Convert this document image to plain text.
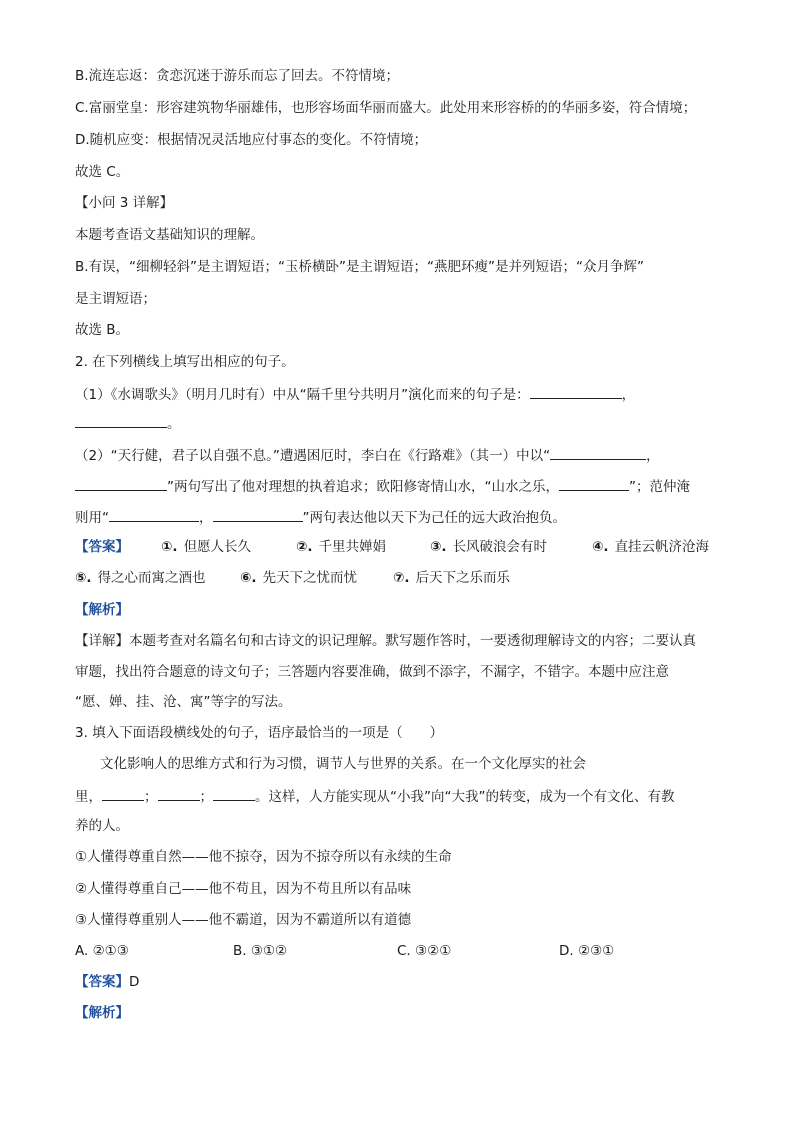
B.流连忘返：贪恋沉迷于游乐而忘了回去。不符情境；
C.富丽堂皇：形容建筑物华丽雄伟，也形容场面华丽而盛大。此处用来形容桥的的华丽多姿，符合情境；
D.随机应变：根据情况灵活地应付事态的变化。不符情境；
故选 C。
【小问 3 详解】
本题考查语文基础知识的理解。
B.有误，“细柳轻斜”是主谓短语；“玉桥横卧”是主谓短语；“燕肥环瘦”是并列短语；“众月争辉”
是主谓短语；
故选 B。
2. 在下列横线上填写出相应的句子。
（1）《水调歌头》（明月几时有）中从“隔千里兮共明月”演化而来的句子是：	，
。
（2）“天行健，君子以自强不息。”遭遇困厄时，李白在《行路难》（其一）中以“	，
”两句写出了他对理想的执着追求；欧阳修寄情山水，“山水之乐，	”；范仲淹
则用“	，	”两句表达他以天下为己任的远大政治抱负。
【答案】 ①. 但愿人长久	②. 千里共婵娟	③. 长风破浪会有时	④. 直挂云帆济沧海
⑤. 得之心而寓之酒也	⑥. 先天下之忧而忧	⑦. 后天下之乐而乐
【解析】
【详解】本题考查对名篇名句和古诗文的识记理解。默写题作答时，一要透彻理解诗文的内容；二要认真
审题，找出符合题意的诗文句子；三答题内容要准确，做到不添字，不漏字，不错字。本题中应注意
“愿、婵、挂、沧、寓”等字的写法。
3. 填入下面语段横线处的句子，语序最恰当的一项是（　　）
文化影响人的思维方式和行为习惯，调节人与世界的关系。在一个文化厚实的社会
里，	；	；	。这样，人方能实现从“小我”向“大我”的转变，成为一个有文化、有教
养的人。
①人懂得尊重自然——他不掠夺，因为不掠夺所以有永续的生命
②人懂得尊重自己——他不苟且，因为不苟且所以有品味
③人懂得尊重别人——他不霸道，因为不霸道所以有道德
A. ②①③	B. ③①②	C. ③②①	D. ②③①
【答案】D
【解析】
